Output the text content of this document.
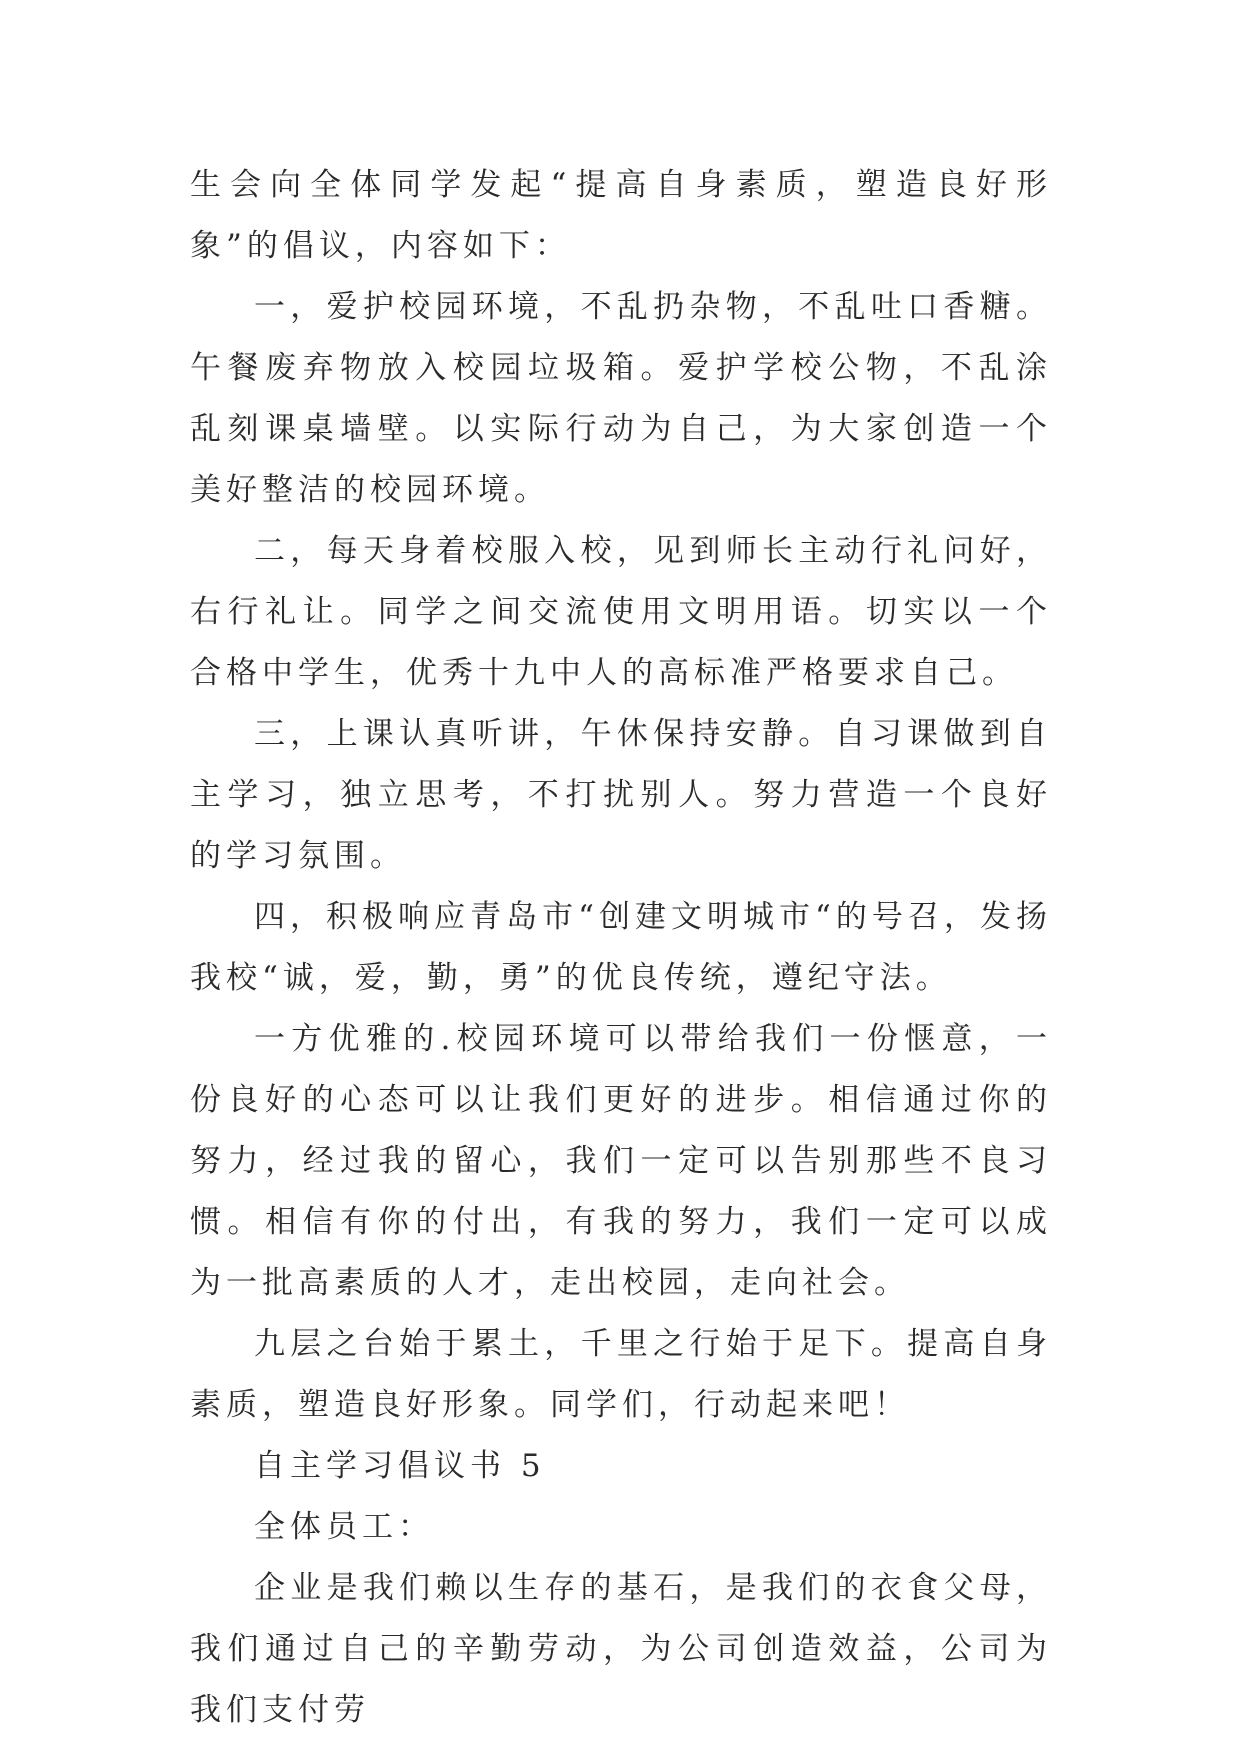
生会向全体同学发起“提高自身素质，塑造良好形象”的倡议，内容如下：

一，爱护校园环境，不乱扔杂物，不乱吐口香糖。午餐废弃物放入校园垃圾箱。爱护学校公物，不乱涂乱刻课桌墙壁。以实际行动为自己，为大家创造一个美好整洁的校园环境。

二，每天身着校服入校，见到师长主动行礼问好，右行礼让。同学之间交流使用文明用语。切实以一个合格中学生，优秀十九中人的高标准严格要求自己。

三，上课认真听讲，午休保持安静。自习课做到自主学习，独立思考，不打扰别人。努力营造一个良好的学习氛围。

四，积极响应青岛市“创建文明城市“的号召，发扬我校“诚，爱，勤，勇”的优良传统，遵纪守法。

一方优雅的.校园环境可以带给我们一份惬意，一份良好的心态可以让我们更好的进步。相信通过你的努力，经过我的留心，我们一定可以告别那些不良习惯。相信有你的付出，有我的努力，我们一定可以成为一批高素质的人才，走出校园，走向社会。

九层之台始于累土，千里之行始于足下。提高自身素质，塑造良好形象。同学们，行动起来吧！

自主学习倡议书 5

全体员工：

企业是我们赖以生存的基石，是我们的衣食父母，我们通过自己的辛勤劳动，为公司创造效益，公司为我们支付劳
